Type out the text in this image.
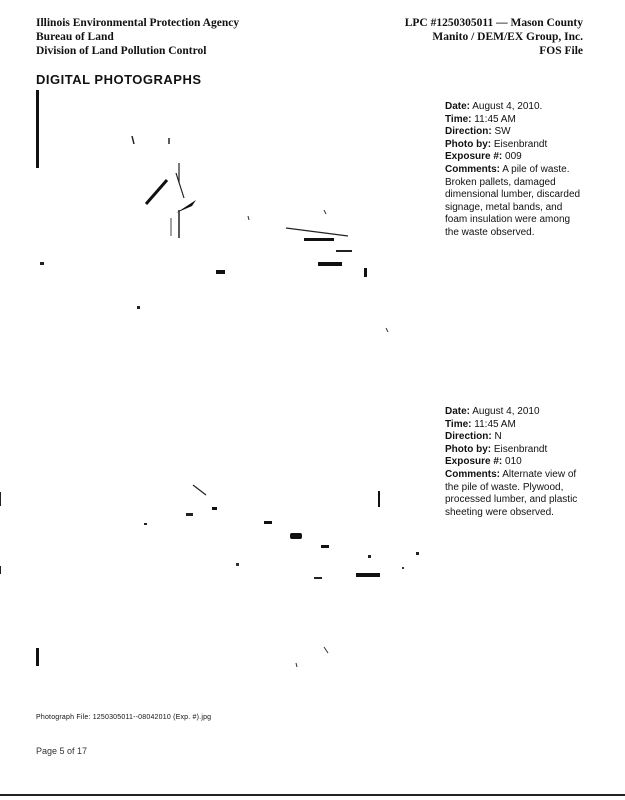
Illinois Environmental Protection Agency
Bureau of Land
Division of Land Pollution Control
LPC #1250305011 — Mason County
Manito / DEM/EX Group, Inc.
FOS File
DIGITAL PHOTOGRAPHS
Date: August 4, 2010.
Time: 11:45 AM
Direction: SW
Photo by: Eisenbrandt
Exposure #: 009
Comments: A pile of waste. Broken pallets, damaged dimensional lumber, discarded signage, metal bands, and foam insulation were among the waste observed.
Date: August 4, 2010
Time: 11:45 AM
Direction: N
Photo by: Eisenbrandt
Exposure #: 010
Comments: Alternate view of the pile of waste. Plywood, processed lumber, and plastic sheeting were observed.
Photograph File: 1250305011--08042010 (Exp. #).jpg
Page 5 of 17
